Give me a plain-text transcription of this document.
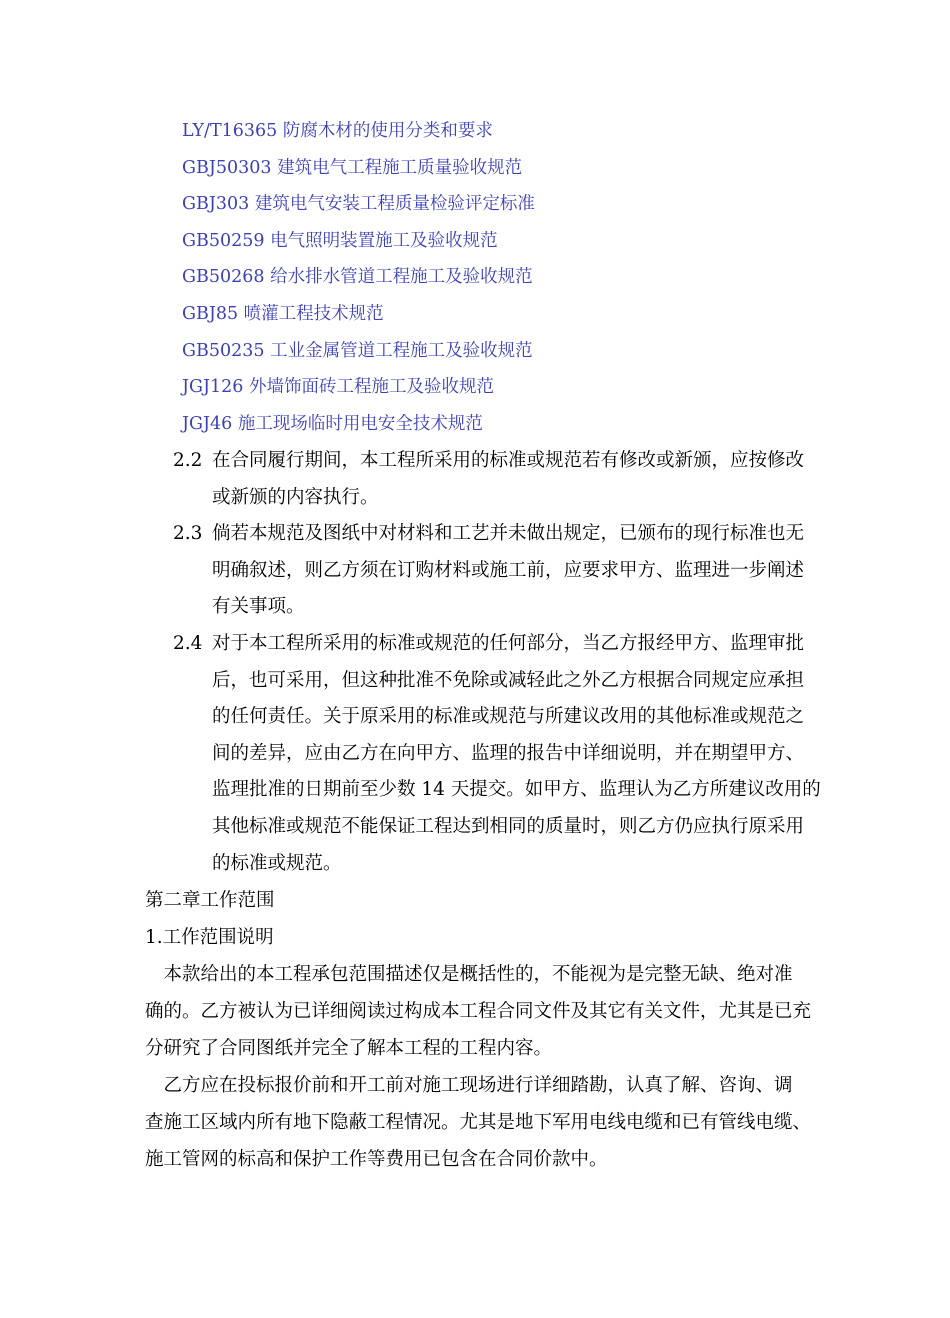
LY/T16365 防腐木材的使用分类和要求
GBJ50303 建筑电气工程施工质量验收规范
GBJ303 建筑电气安装工程质量检验评定标准
GB50259 电气照明装置施工及验收规范
GB50268 给水排水管道工程施工及验收规范
GBJ85 喷灌工程技术规范
GB50235 工业金属管道工程施工及验收规范
JGJ126 外墙饰面砖工程施工及验收规范
JGJ46 施工现场临时用电安全技术规范
2.2 在合同履行期间，本工程所采用的标准或规范若有修改或新颁，应按修改
或新颁的内容执行。
2.3 倘若本规范及图纸中对材料和工艺并未做出规定，已颁布的现行标准也无
明确叙述，则乙方须在订购材料或施工前，应要求甲方、监理进一步阐述
有关事项。
2.4 对于本工程所采用的标准或规范的任何部分，当乙方报经甲方、监理审批
后，也可采用，但这种批准不免除或减轻此之外乙方根据合同规定应承担
的任何责任。关于原采用的标准或规范与所建议改用的其他标准或规范之
间的差异，应由乙方在向甲方、监理的报告中详细说明，并在期望甲方、
监理批准的日期前至少数 14 天提交。如甲方、监理认为乙方所建议改用的
其他标准或规范不能保证工程达到相同的质量时，则乙方仍应执行原采用
的标准或规范。
第二章工作范围
1.工作范围说明
　本款给出的本工程承包范围描述仅是概括性的，不能视为是完整无缺、绝对准
确的。乙方被认为已详细阅读过构成本工程合同文件及其它有关文件，尤其是已充
分研究了合同图纸并完全了解本工程的工程内容。
　乙方应在投标报价前和开工前对施工现场进行详细踏勘，认真了解、咨询、调
查施工区域内所有地下隐蔽工程情况。尤其是地下军用电线电缆和已有管线电缆、
施工管网的标高和保护工作等费用已包含在合同价款中。
